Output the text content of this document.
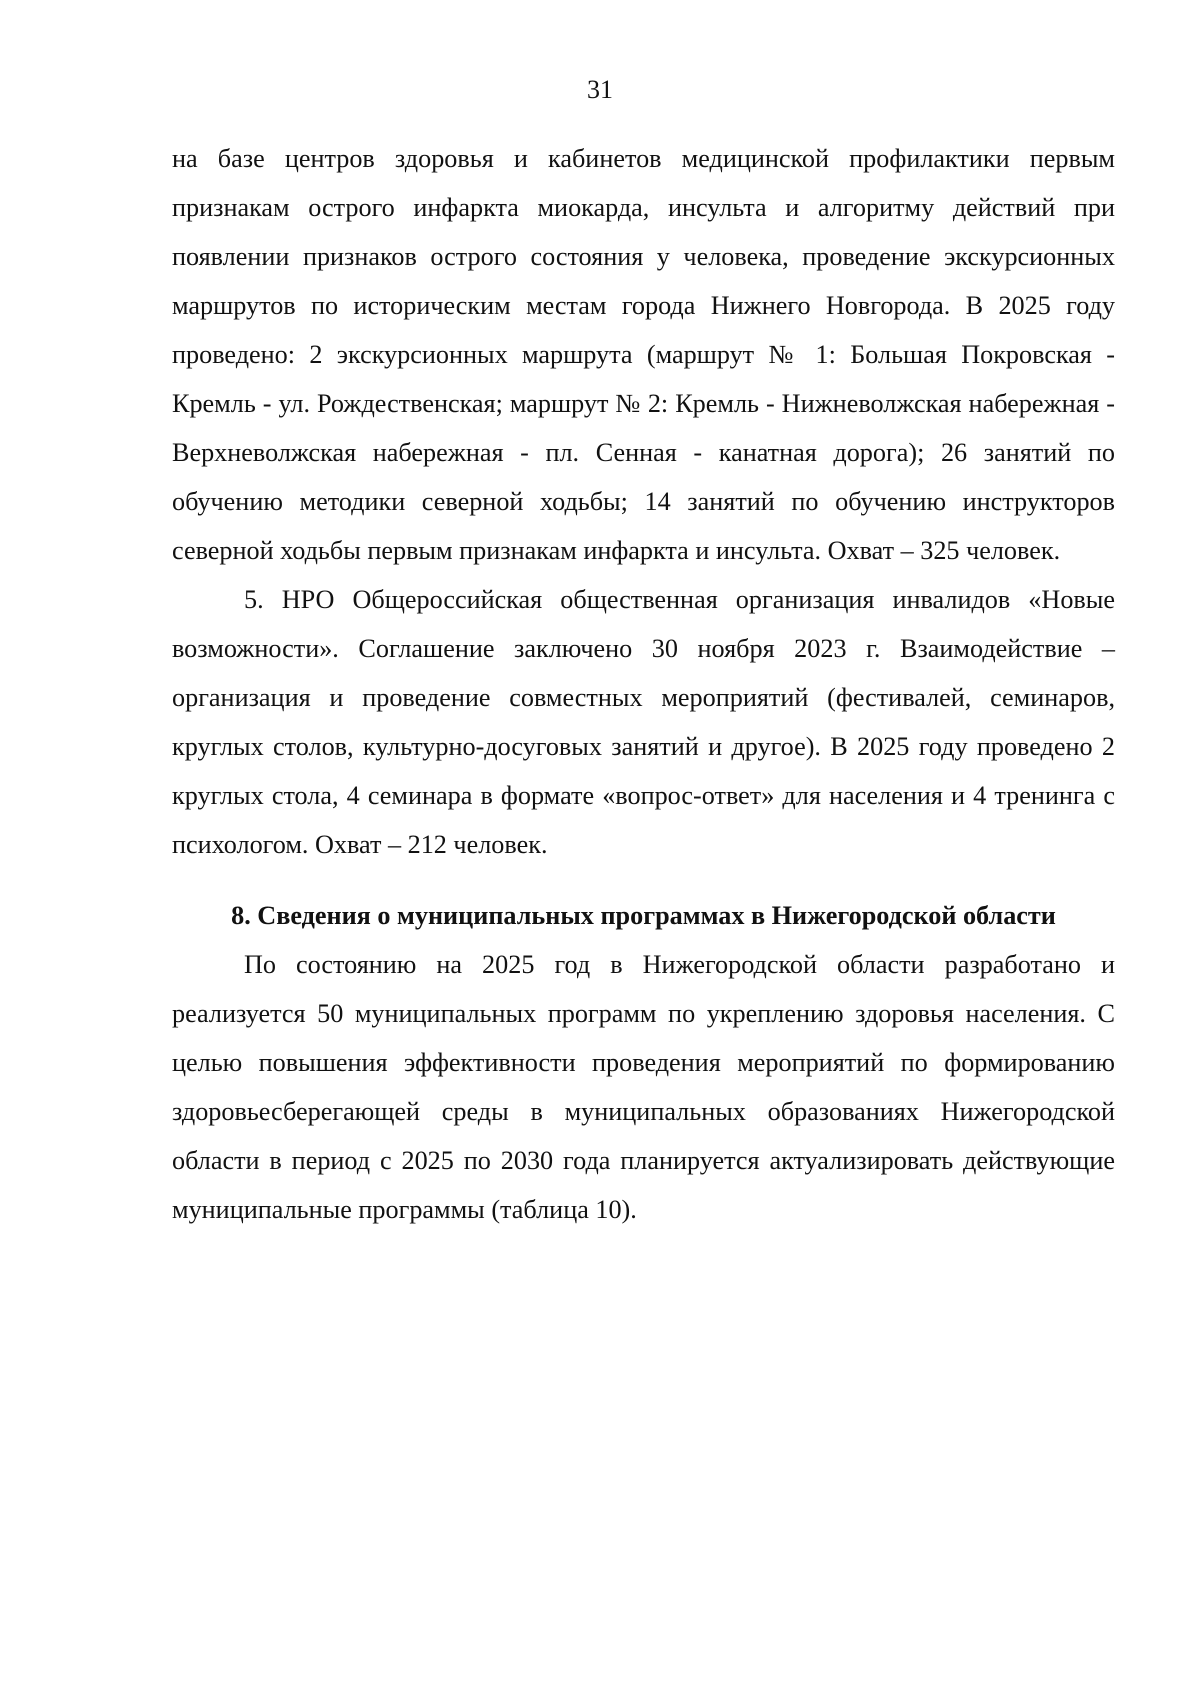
31

на базе центров здоровья и кабинетов медицинской профилактики первым признакам острого инфаркта миокарда, инсульта и алгоритму действий при появлении признаков острого состояния у человека, проведение экскурсионных маршрутов по историческим местам города Нижнего Новгорода. В 2025 году проведено: 2 экскурсионных маршрута (маршрут № 1: Большая Покровская ‑ Кремль ‑ ул. Рождественская; маршрут № 2: Кремль ‑ Нижневолжская набережная ‑ Верхневолжская набережная ‑ пл. Сенная ‑ канатная дорога); 26 занятий по обучению методики северной ходьбы; 14 занятий по обучению инструкторов северной ходьбы первым признакам инфаркта и инсульта. Охват – 325 человек.

5. НРО Общероссийская общественная организация инвалидов «Новые возможности». Соглашение заключено 30 ноября 2023 г. Взаимодействие – организация и проведение совместных мероприятий (фестивалей, семинаров, круглых столов, культурно-досуговых занятий и другое). В 2025 году проведено 2 круглых стола, 4 семинара в формате «вопрос-ответ» для населения и 4 тренинга с психологом. Охват – 212 человек.

8. Сведения о муниципальных программах в Нижегородской области

По состоянию на 2025 год в Нижегородской области разработано и реализуется 50 муниципальных программ по укреплению здоровья населения. С целью повышения эффективности проведения мероприятий по формированию здоровьесберегающей среды в муниципальных образованиях Нижегородской области в период с 2025 по 2030 года планируется актуализировать действующие муниципальные программы (таблица 10).
